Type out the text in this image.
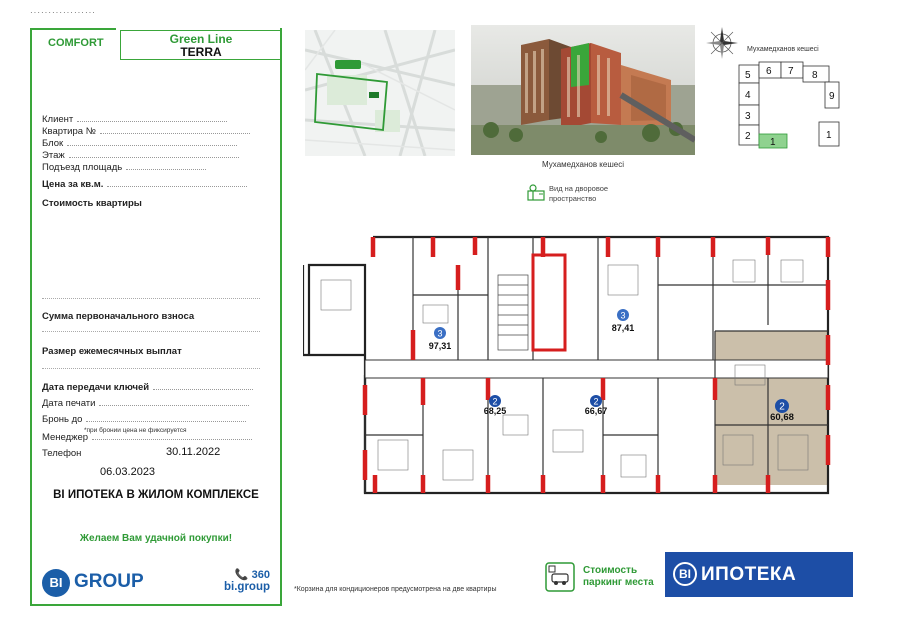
··················
COMFORT	Green Line
TERRA
Клиент
Квартира №
Блок
Этаж
Подъезд площадь
Цена за кв.м.
Стоимость квартиры
Сумма первоначального взноса
Размер ежемесячных выплат
Дата передачи ключей
Дата печати
Бронь до
*при бронии цена не фиксируется
Менеджер
Телефон	30.11.2022
06.03.2023
BI ИПОТЕКА В ЖИЛОМ КОМПЛЕКСЕ
Желаем Вам удачной покупки!
BI GROUP	📞 360
bi.group
Мухамедханов кешесі
Вид на дворовое
пространство
Мухамедханов кешесі
5 6 7 8
9
4
3
2
1
1
3
97,31
3
87,41
2
68,25
2
66,67	2
60,68
*Корзина для кондиционеров предусмотрена на две квартиры
Стоимость
паркинг места
BI ИПОТЕКА
